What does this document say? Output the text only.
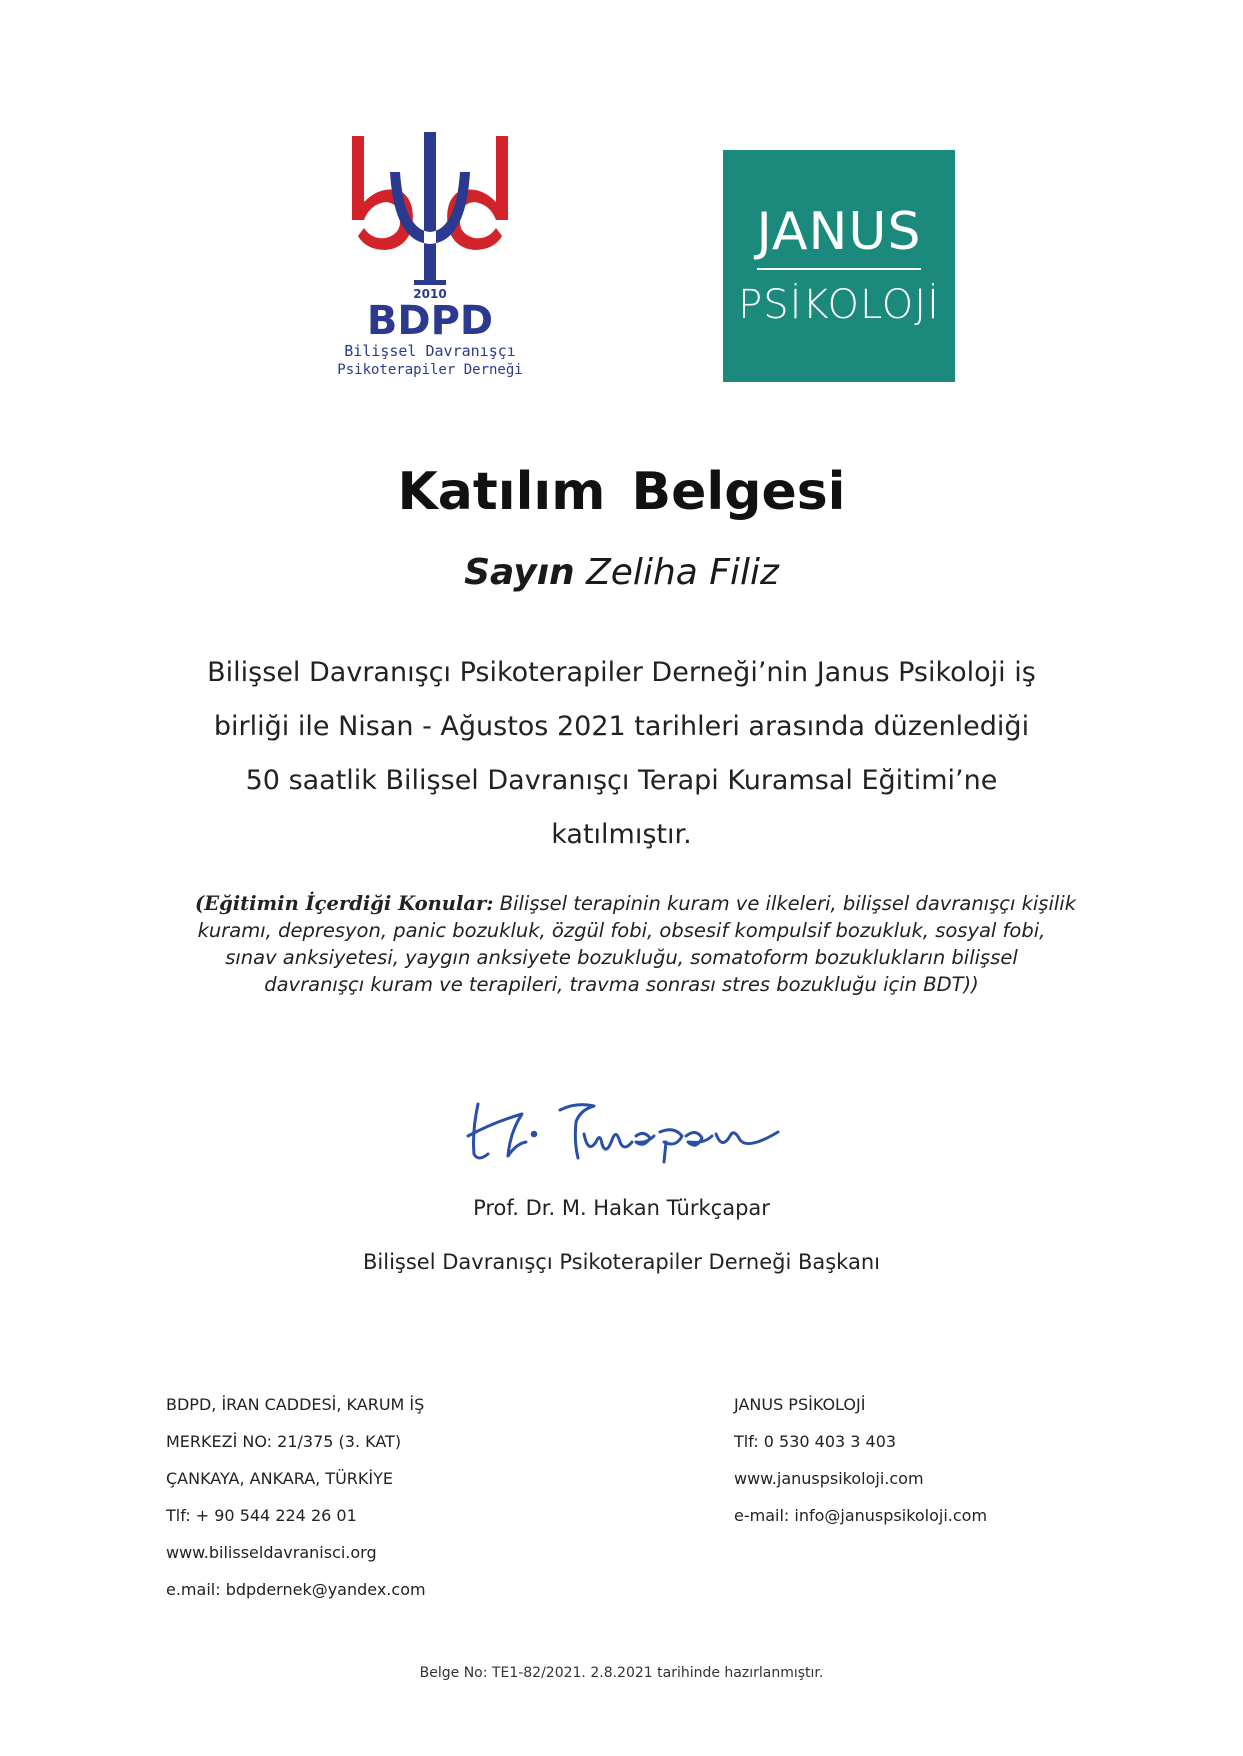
2010
BDPD
Bilişsel Davranışçı
Psikoterapiler Derneği
JANUS
PSİKOLOJİ
Katılım Belgesi
Sayın Zeliha Filiz
Bilişsel Davranışçı Psikoterapiler Derneği’nin Janus Psikoloji iş
birliği ile Nisan - Ağustos 2021 tarihleri arasında düzenlediği
50 saatlik Bilişsel Davranışçı Terapi Kuramsal Eğitimi’ne
katılmıştır.
(Eğitimin İçerdiği Konular: Bilişsel terapinin kuram ve ilkeleri, bilişsel davranışçı kişilik
kuramı, depresyon, panic bozukluk, özgül fobi, obsesif kompulsif bozukluk, sosyal fobi,
sınav anksiyetesi, yaygın anksiyete bozukluğu, somatoform bozuklukların bilişsel
davranışçı kuram ve terapileri, travma sonrası stres bozukluğu için BDT))
Prof. Dr. M. Hakan Türkçapar
Bilişsel Davranışçı Psikoterapiler Derneği Başkanı
BDPD, İRAN CADDESİ, KARUM İŞ
MERKEZİ NO: 21/375 (3. KAT)
ÇANKAYA, ANKARA, TÜRKİYE
Tlf: + 90 544 224 26 01
www.bilisseldavranisci.org
e.mail: bdpdernek@yandex.com
JANUS PSİKOLOJİ
Tlf: 0 530 403 3 403
www.januspsikoloji.com
e-mail: info@januspsikoloji.com
Belge No: TE1-82/2021. 2.8.2021 tarihinde hazırlanmıştır.
